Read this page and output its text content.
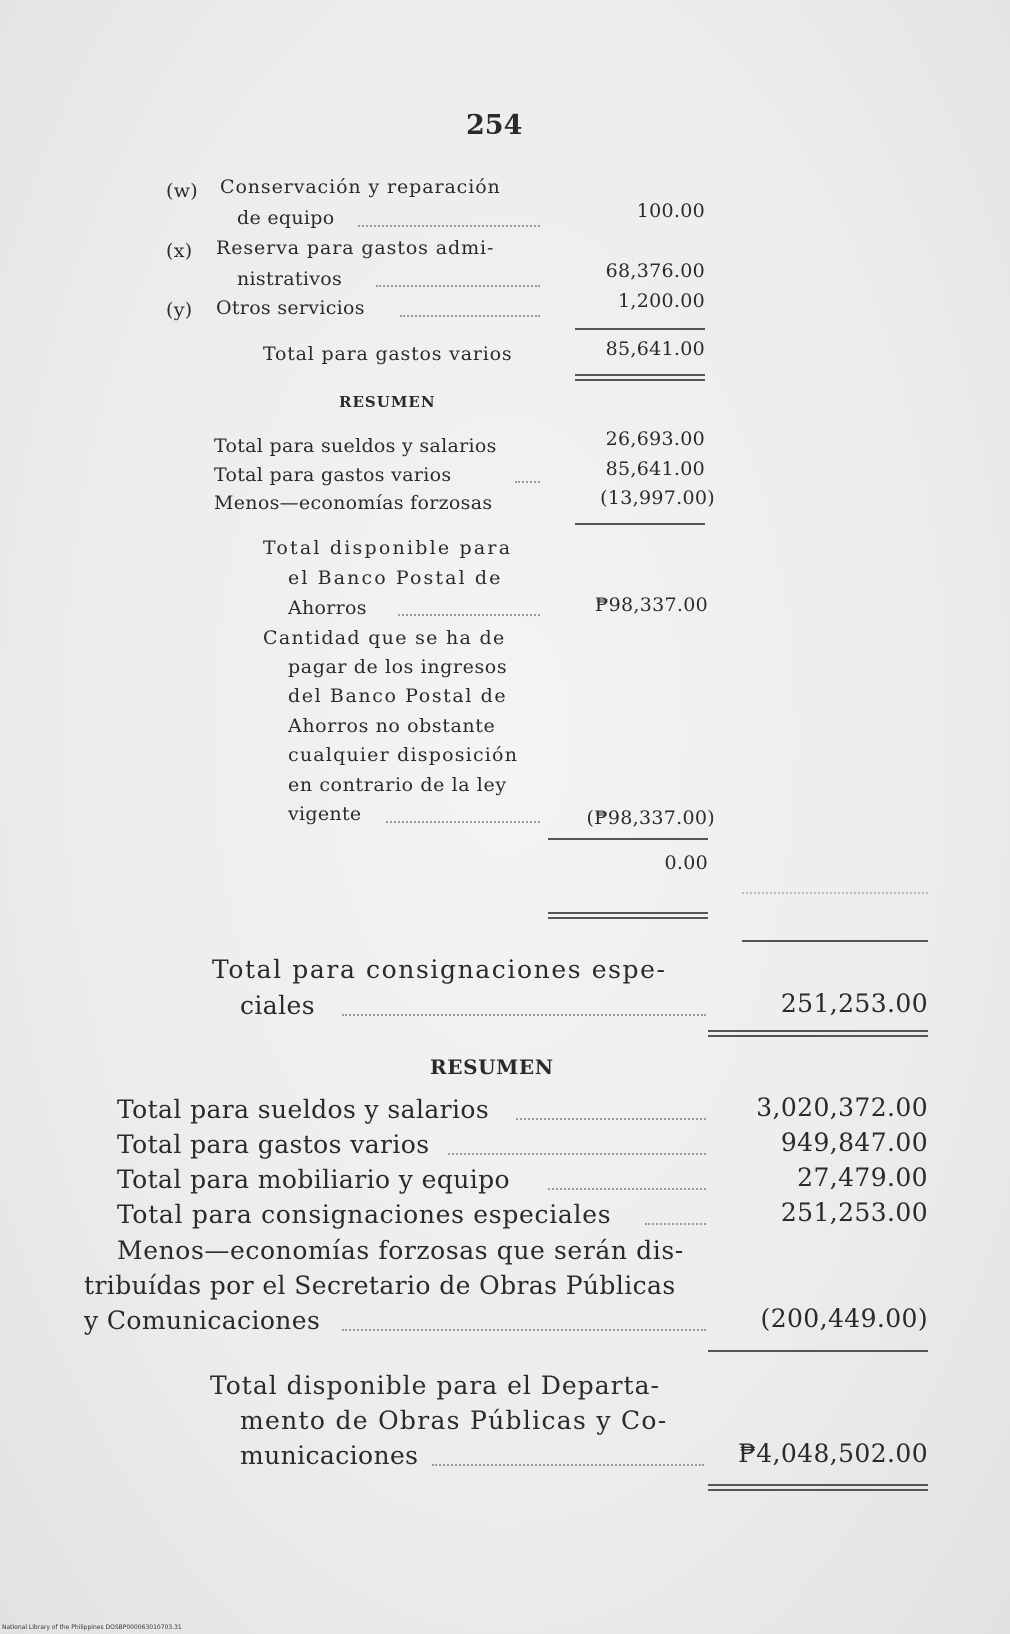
254
(w) Conservación y reparación
de equipo	100.00
(x) Reserva para gastos admi-
nistrativos	68,376.00
(y) Otros servicios	1,200.00
Total para gastos varios	85,641.00
RESUMEN
Total para sueldos y salarios	26,693.00
Total para gastos varios	85,641.00
Menos—economías forzosas	(13,997.00)
Total disponible para
el Banco Postal de
Ahorros	₱98,337.00
Cantidad que se ha de
pagar de los ingresos
del Banco Postal de
Ahorros no obstante
cualquier disposición
en contrario de la ley
vigente	(₱98,337.00)
0.00
Total para consignaciones espe-
ciales	251,253.00
RESUMEN
Total para sueldos y salarios	3,020,372.00
Total para gastos varios	949,847.00
Total para mobiliario y equipo	27,479.00
Total para consignaciones especiales	251,253.00
Menos—economías forzosas que serán dis-
tribuídas por el Secretario de Obras Públicas
y Comunicaciones	(200,449.00)
Total disponible para el Departa-
mento de Obras Públicas y Co-
municaciones	₱4,048,502.00
National Library of the Philippines DOSBP000063010703.31
